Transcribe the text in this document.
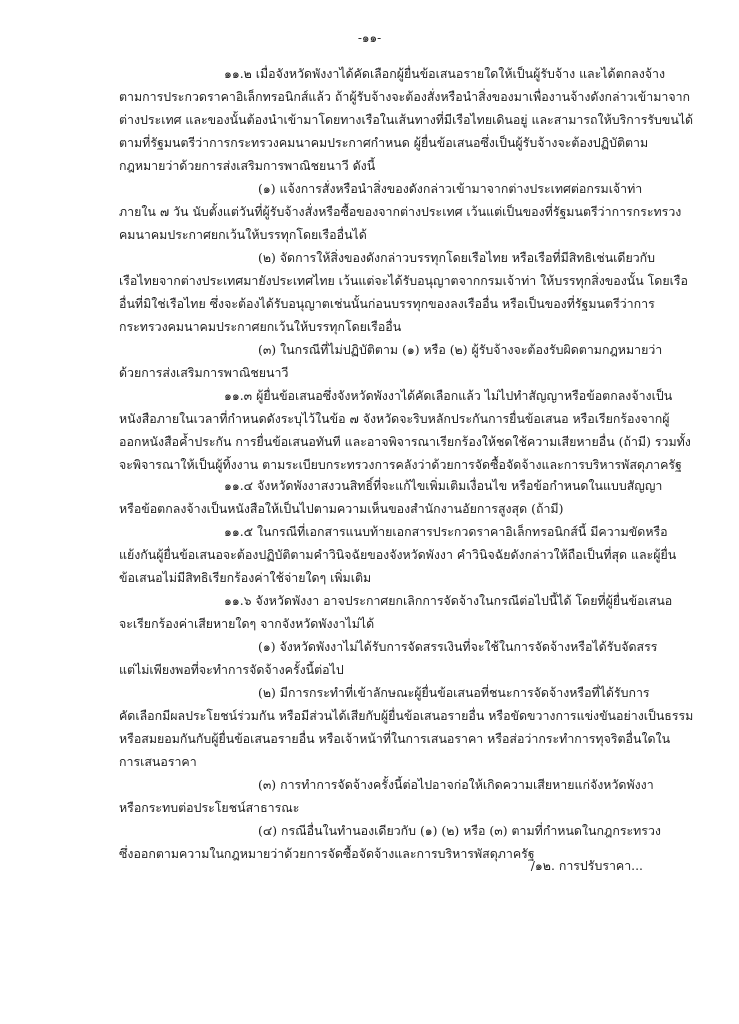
-๑๑-
๑๑.๒ เมื่อจังหวัดพังงาได้คัดเลือกผู้ยื่นข้อเสนอรายใดให้เป็นผู้รับจ้าง และได้ตกลงจ้าง
ตามการประกวดราคาอิเล็กทรอนิกส์แล้ว ถ้าผู้รับจ้างจะต้องสั่งหรือนำสิ่งของมาเพื่องานจ้างดังกล่าวเข้ามาจาก
ต่างประเทศ และของนั้นต้องนำเข้ามาโดยทางเรือในเส้นทางที่มีเรือไทยเดินอยู่ และสามารถให้บริการรับขนได้
ตามที่รัฐมนตรีว่าการกระทรวงคมนาคมประกาศกำหนด ผู้ยื่นข้อเสนอซึ่งเป็นผู้รับจ้างจะต้องปฏิบัติตาม
กฎหมายว่าด้วยการส่งเสริมการพาณิชยนาวี ดังนี้
(๑) แจ้งการสั่งหรือนำสิ่งของดังกล่าวเข้ามาจากต่างประเทศต่อกรมเจ้าท่า
ภายใน ๗ วัน นับตั้งแต่วันที่ผู้รับจ้างสั่งหรือซื้อของจากต่างประเทศ เว้นแต่เป็นของที่รัฐมนตรีว่าการกระทรวง
คมนาคมประกาศยกเว้นให้บรรทุกโดยเรืออื่นได้
(๒) จัดการให้สิ่งของดังกล่าวบรรทุกโดยเรือไทย หรือเรือที่มีสิทธิเช่นเดียวกับ
เรือไทยจากต่างประเทศมายังประเทศไทย เว้นแต่จะได้รับอนุญาตจากกรมเจ้าท่า ให้บรรทุกสิ่งของนั้น โดยเรือ
อื่นที่มิใช่เรือไทย ซึ่งจะต้องได้รับอนุญาตเช่นนั้นก่อนบรรทุกของลงเรืออื่น หรือเป็นของที่รัฐมนตรีว่าการ
กระทรวงคมนาคมประกาศยกเว้นให้บรรทุกโดยเรืออื่น
(๓) ในกรณีที่ไม่ปฏิบัติตาม (๑) หรือ (๒) ผู้รับจ้างจะต้องรับผิดตามกฎหมายว่า
ด้วยการส่งเสริมการพาณิชยนาวี
๑๑.๓ ผู้ยื่นข้อเสนอซึ่งจังหวัดพังงาได้คัดเลือกแล้ว ไม่ไปทำสัญญาหรือข้อตกลงจ้างเป็น
หนังสือภายในเวลาที่กำหนดดังระบุไว้ในข้อ ๗ จังหวัดจะริบหลักประกันการยื่นข้อเสนอ หรือเรียกร้องจากผู้
ออกหนังสือค้ำประกัน การยื่นข้อเสนอทันที และอาจพิจารณาเรียกร้องให้ชดใช้ความเสียหายอื่น (ถ้ามี) รวมทั้ง
จะพิจารณาให้เป็นผู้ทิ้งงาน ตามระเบียบกระทรวงการคลังว่าด้วยการจัดซื้อจัดจ้างและการบริหารพัสดุภาครัฐ
๑๑.๔ จังหวัดพังงาสงวนสิทธิ์ที่จะแก้ไขเพิ่มเติมเงื่อนไข หรือข้อกำหนดในแบบสัญญา
หรือข้อตกลงจ้างเป็นหนังสือให้เป็นไปตามความเห็นของสำนักงานอัยการสูงสุด (ถ้ามี)
๑๑.๕ ในกรณีที่เอกสารแนบท้ายเอกสารประกวดราคาอิเล็กทรอนิกส์นี้ มีความขัดหรือ
แย้งกันผู้ยื่นข้อเสนอจะต้องปฏิบัติตามคำวินิจฉัยของจังหวัดพังงา คำวินิจฉัยดังกล่าวให้ถือเป็นที่สุด และผู้ยื่น
ข้อเสนอไม่มีสิทธิเรียกร้องค่าใช้จ่ายใดๆ เพิ่มเติม
๑๑.๖ จังหวัดพังงา อาจประกาศยกเลิกการจัดจ้างในกรณีต่อไปนี้ได้ โดยที่ผู้ยื่นข้อเสนอ
จะเรียกร้องค่าเสียหายใดๆ จากจังหวัดพังงาไม่ได้
(๑) จังหวัดพังงาไม่ได้รับการจัดสรรเงินที่จะใช้ในการจัดจ้างหรือได้รับจัดสรร
แต่ไม่เพียงพอที่จะทำการจัดจ้างครั้งนี้ต่อไป
(๒) มีการกระทำที่เข้าลักษณะผู้ยื่นข้อเสนอที่ชนะการจัดจ้างหรือที่ได้รับการ
คัดเลือกมีผลประโยชน์ร่วมกัน หรือมีส่วนได้เสียกับผู้ยื่นข้อเสนอรายอื่น หรือขัดขวางการแข่งขันอย่างเป็นธรรม
หรือสมยอมกันกับผู้ยื่นข้อเสนอรายอื่น หรือเจ้าหน้าที่ในการเสนอราคา หรือส่อว่ากระทำการทุจริตอื่นใดใน
การเสนอราคา
(๓) การทำการจัดจ้างครั้งนี้ต่อไปอาจก่อให้เกิดความเสียหายแก่จังหวัดพังงา
หรือกระทบต่อประโยชน์สาธารณะ
(๔) กรณีอื่นในทำนองเดียวกับ (๑) (๒) หรือ (๓) ตามที่กำหนดในกฎกระทรวง
ซึ่งออกตามความในกฎหมายว่าด้วยการจัดซื้อจัดจ้างและการบริหารพัสดุภาครัฐ
/๑๒. การปรับราคา...
